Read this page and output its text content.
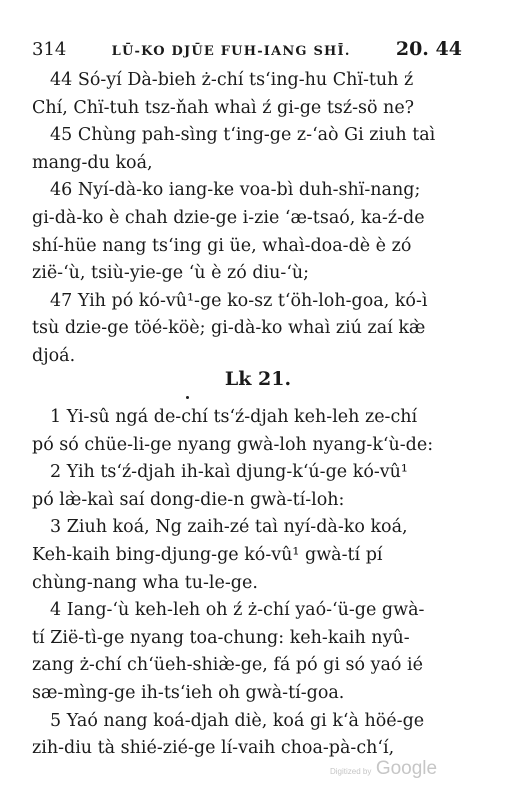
314	LŪ-KO DJŪE FUH-IANG SHĪ. 20. 44
44 Só-yí Dà-bieh ż-chí ts‘ing-hu Chï-tuh ź
Chí, Chï-tuh tsz-ňah whaì ź gi-ge tsź-sö ne?
45 Chùng pah-sìng t‘ing-ge z-‘aò Gi ziuh taì
mang-du koá,
46 Nyí-dà-ko iang-ke voa-bì duh-shï-nang;
gi-dà-ko è chah dzie-ge i-zie ‘æ-tsaó, ka-ź-de
shí-hüe nang ts‘ing gi üe, whaì-doa-dè è zó
zië-‘ù, tsiù-yie-ge ‘ù è zó diu-‘ù;
47 Yih pó kó-vû¹-ge ko-sz t‘öh-loh-goa, kó-ì
tsù dzie-ge töé-köè; gi-dà-ko whaì ziú zaí kæ̀
djoá.
Lk 21.
1 Yi-sû ngá de-chí ts‘ź-djah keh-leh ze-chí
pó só chüe-li-ge nyang gwà-loh nyang-k‘ù-de:
2 Yih ts‘ź-djah ih-kaì djung-k‘ú-ge kó-vû¹
pó læ̀-kaì saí dong-die-n gwà-tí-loh:
3 Ziuh koá, Ng zaih-zé taì nyí-dà-ko koá,
Keh-kaih bing-djung-ge kó-vû¹ gwà-tí pí
chùng-nang wha tu-le-ge.
4 Iang-‘ù keh-leh oh ź ż-chí yaó-‘ü-ge gwà-
tí Zië-tì-ge nyang toa-chung: keh-kaih nyû-
zang ż-chí ch‘üeh-shiæ̀-ge, fá pó gi só yaó ié
sæ-mìng-ge ih-ts‘ieh oh gwà-tí-goa.
5 Yaó nang koá-djah diè, koá gi k‘à höé-ge
zih-diu tà shié-zié-ge lí-vaih choa-pà-ch‘í,
Digitized by Google
